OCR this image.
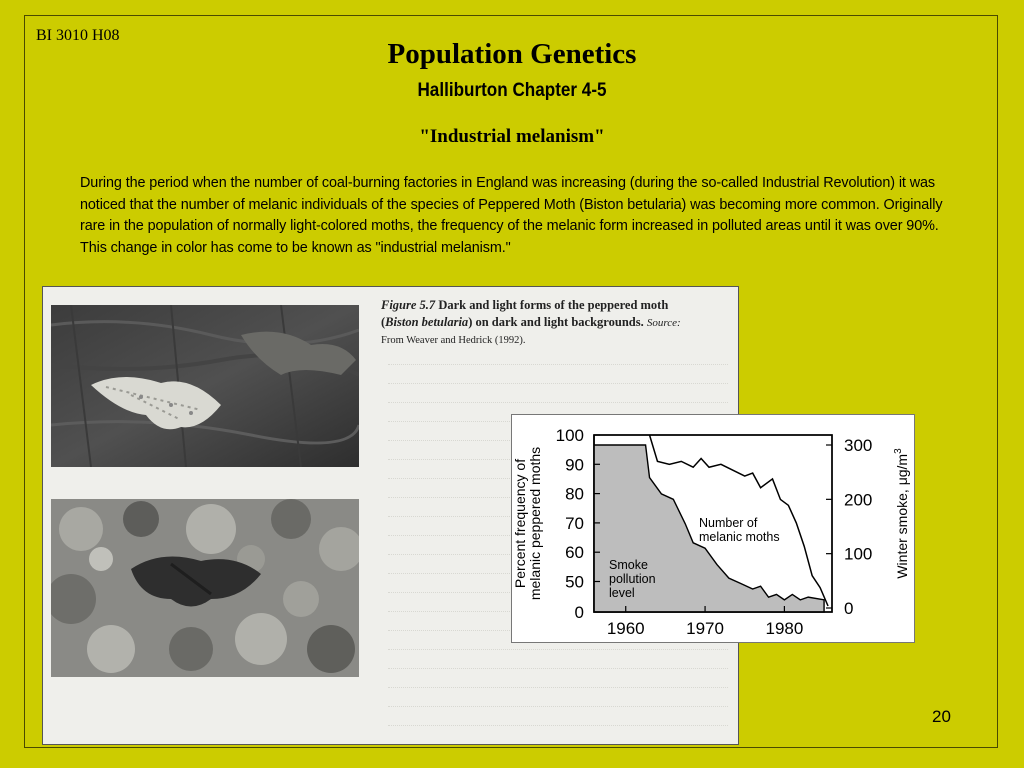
BI 3010 H08
Population Genetics
Halliburton Chapter 4-5
"Industrial melanism"
During the period when the number of coal-burning factories in England was increasing (during the so-called Industrial Revolution) it was noticed that the number of melanic individuals of the species of Peppered Moth (Biston betularia) was becoming more common. Originally rare in the population of normally light-colored moths, the frequency of the melanic form increased in polluted areas until it was over 90%. This change in color has come to be known as "industrial melanism."
Figure 5.7 Dark and light forms of the peppered moth
(Biston betularia) on dark and light backgrounds. Source:
From Weaver and Hedrick (1992).
100
90
80
70
60
50
0
300
200
100
0
1960 1970 1980
Percent frequency of melanic peppered moths	Winter smoke, $\mu g/m^3$
Number of
melanic moths
Smoke
pollution
level
20
